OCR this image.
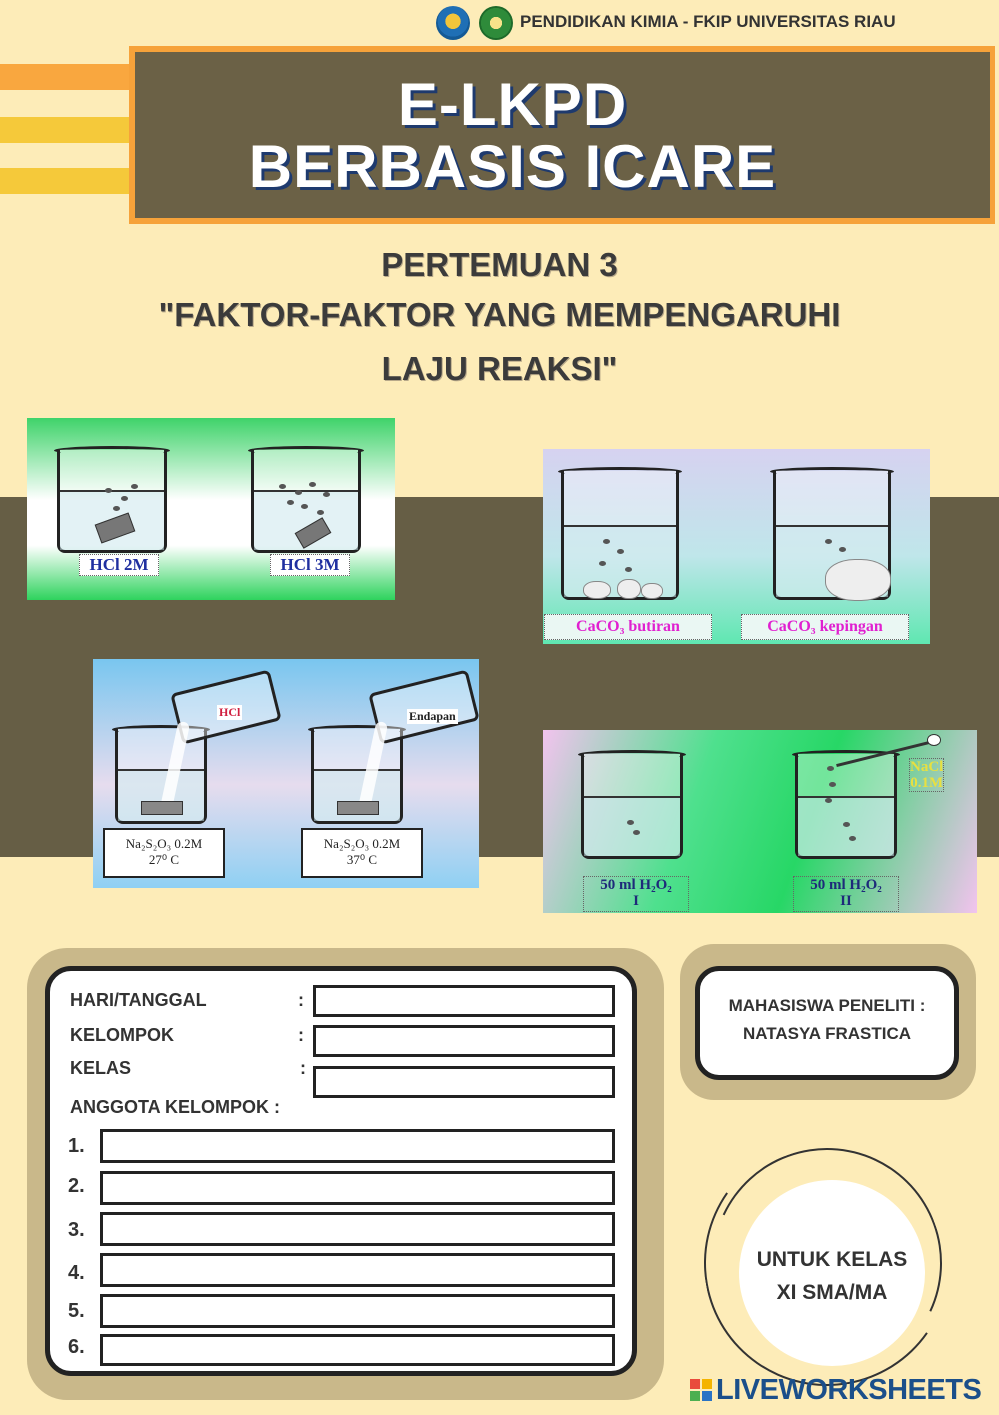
PENDIDIKAN KIMIA - FKIP UNIVERSITAS RIAU
E-LKPD
BERBASIS ICARE
PERTEMUAN 3
"FAKTOR-FAKTOR YANG MEMPENGARUHI
LAJU REAKSI"
HCl 2M	HCl 3M
CaCO₃ butiran	CaCO₃ kepingan
HCl
Na₂S₂O₃ 0.2M
27⁰ C
Endapan
Na₂S₂O₃ 0.2M
37⁰ C
50 ml H₂O₂
I
NaCl
0.1M
50 ml H₂O₂
II
HARI/TANGGAL	:
KELOMPOK	:
KELAS	:
ANGGOTA KELOMPOK :
1.
2.
3.
4.
5.
6.
MAHASISWA PENELITI :
NATASYA FRASTICA
UNTUK KELAS
XI SMA/MA
LIVEWORKSHEETS
